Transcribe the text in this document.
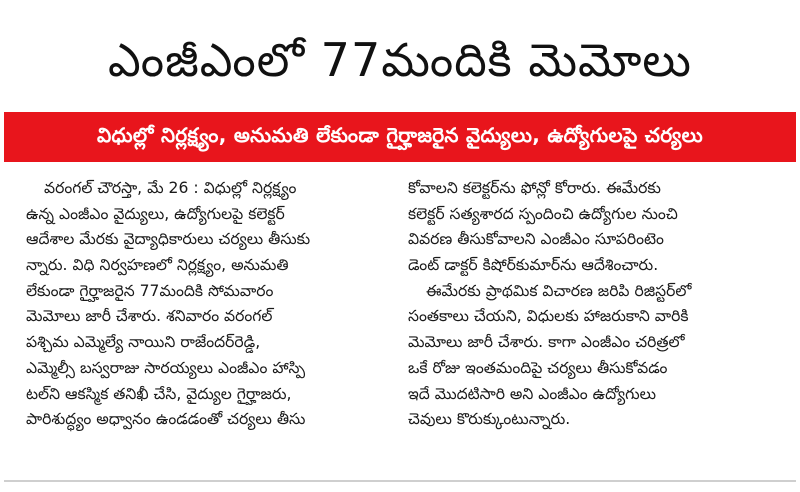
ఎంజీఎంలో 77మందికి మెమోలు
విధుల్లో నిర్లక్ష్యం, అనుమతి లేకుండా గైర్హాజరైన వైద్యులు, ఉద్యోగులపై చర్యలు
వరంగల్ చౌరస్తా, మే 26 : విధుల్లో నిర్లక్ష్యం
ఉన్న ఎంజీఎం వైద్యులు, ఉద్యోగులపై కలెక్టర్
ఆదేశాల మేరకు వైద్యాధికారులు చర్యలు తీసుకు
న్నారు. విధి నిర్వహణలో నిర్లక్ష్యం, అనుమతి
లేకుండా గైర్హాజరైన 77మందికి సోమవారం
మెమోలు జారీ చేశారు. శనివారం వరంగల్
పశ్చిమ ఎమ్మెల్యే నాయిని రాజేందర్‌రెడ్డి,
ఎమ్మెల్సీ బస్వరాజు సారయ్యలు ఎంజీఎం హాస్పి
టల్‌ని ఆకస్మిక తనిఖీ చేసి, వైద్యుల గైర్హాజరు,
పారిశుద్ధ్యం అధ్వానం ఉండడంతో చర్యలు తీసు
కోవాలని కలెక్టర్‌ను ఫోన్లో కోరారు. ఈమేరకు
కలెక్టర్ సత్యశారద స్పందించి ఉద్యోగుల నుంచి
వివరణ తీసుకోవాలని ఎంజీఎం సూపరింటెం
డెంట్ డాక్టర్ కిషోర్‌కుమార్‌ను ఆదేశించారు.
ఈమేరకు ప్రాథమిక విచారణ జరిపి రిజిస్టర్‌లో
సంతకాలు చేయని, విధులకు హాజరుకాని వారికి
మెమోలు జారీ చేశారు. కాగా ఎంజీఎం చరిత్రలో
ఒకే రోజు ఇంతమందిపై చర్యలు తీసుకోవడం
ఇదే మొదటిసారి అని ఎంజీఎం ఉద్యోగులు
చెవులు కొరుక్కుంటున్నారు.
